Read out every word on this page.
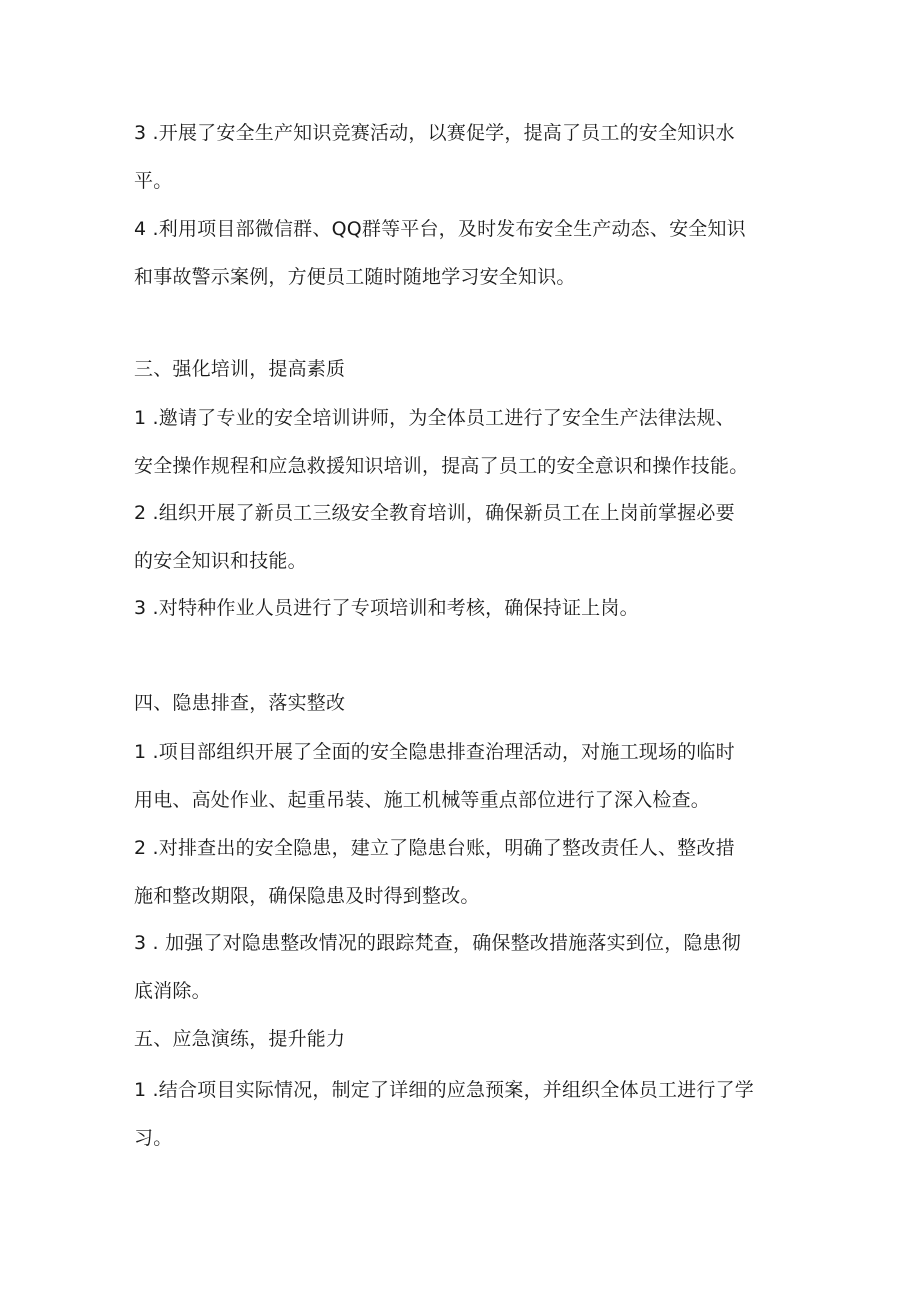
3 .开展了安全生产知识竞赛活动，以赛促学，提高了员工的安全知识水
平。

4 .利用项目部微信群、QQ群等平台，及时发布安全生产动态、安全知识
和事故警示案例，方便员工随时随地学习安全知识。

三、强化培训，提高素质

1 .邀请了专业的安全培训讲师，为全体员工进行了安全生产法律法规、
安全操作规程和应急救援知识培训，提高了员工的安全意识和操作技能。

2 .组织开展了新员工三级安全教育培训，确保新员工在上岗前掌握必要
的安全知识和技能。

3 .对特种作业人员进行了专项培训和考核，确保持证上岗。

四、隐患排查，落实整改

1 .项目部组织开展了全面的安全隐患排查治理活动，对施工现场的临时
用电、高处作业、起重吊装、施工机械等重点部位进行了深入检查。

2 .对排查出的安全隐患，建立了隐患台账，明确了整改责任人、整改措
施和整改期限，确保隐患及时得到整改。

3 . 加强了对隐患整改情况的跟踪梵查，确保整改措施落实到位，隐患彻
底消除。

五、应急演练，提升能力

1 .结合项目实际情况，制定了详细的应急预案，并组织全体员工进行了学
习。
